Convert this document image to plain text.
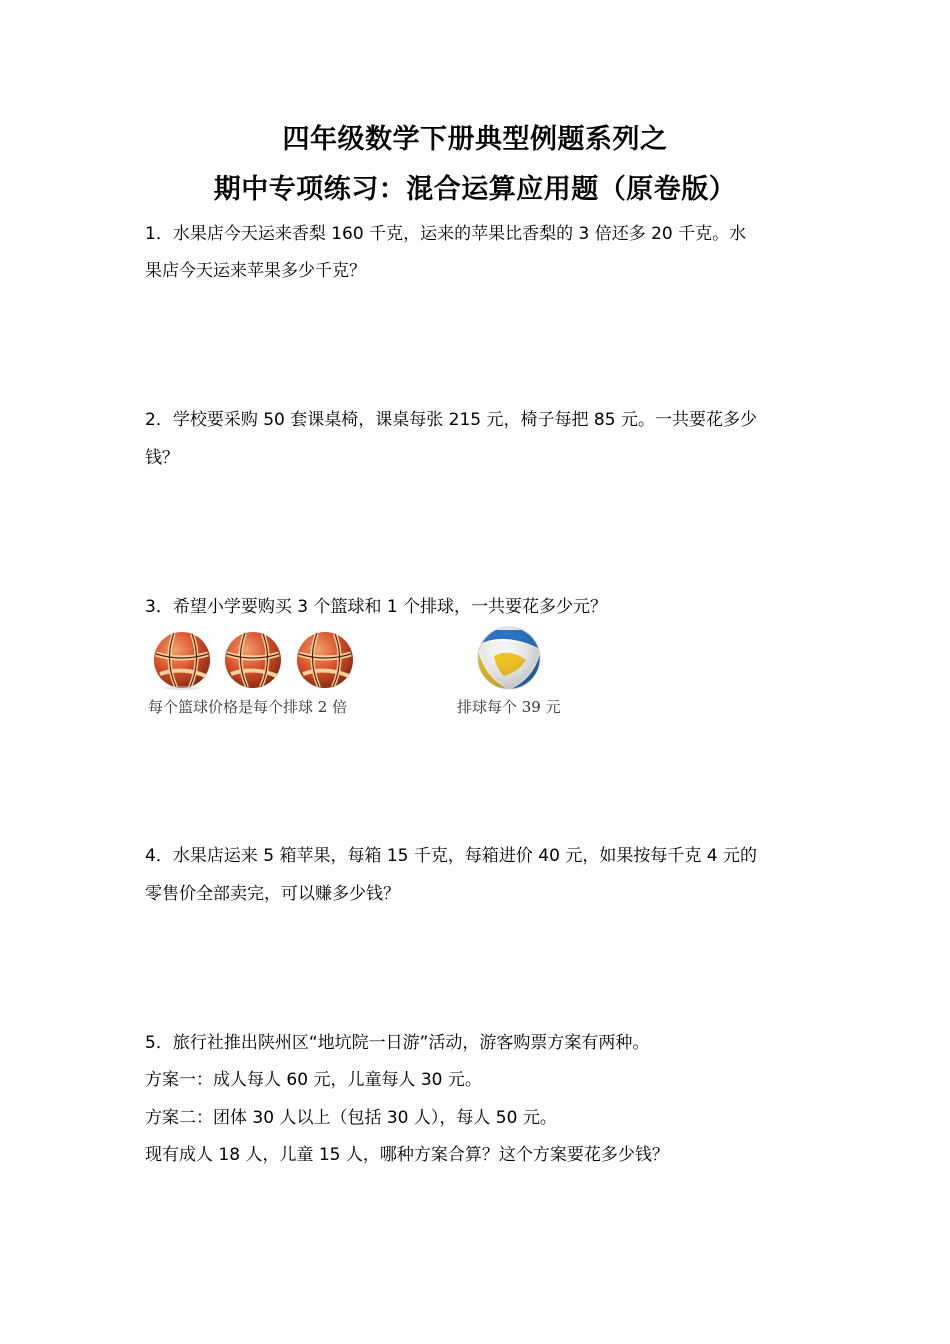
四年级数学下册典型例题系列之
期中专项练习：混合运算应用题（原卷版）
1．水果店今天运来香梨 160 千克，运来的苹果比香梨的 3 倍还多 20 千克。水
果店今天运来苹果多少千克？
2．学校要采购 50 套课桌椅，课桌每张 215 元，椅子每把 85 元。一共要花多少
钱？
3．希望小学要购买 3 个篮球和 1 个排球，一共要花多少元？
每个篮球价格是每个排球 2 倍	排球每个 39 元
4．水果店运来 5 箱苹果，每箱 15 千克，每箱进价 40 元，如果按每千克 4 元的
零售价全部卖完，可以赚多少钱？
5．旅行社推出陕州区“地坑院一日游”活动，游客购票方案有两种。
方案一：成人每人 60 元，儿童每人 30 元。
方案二：团体 30 人以上（包括 30 人），每人 50 元。
现有成人 18 人，儿童 15 人，哪种方案合算？这个方案要花多少钱？
